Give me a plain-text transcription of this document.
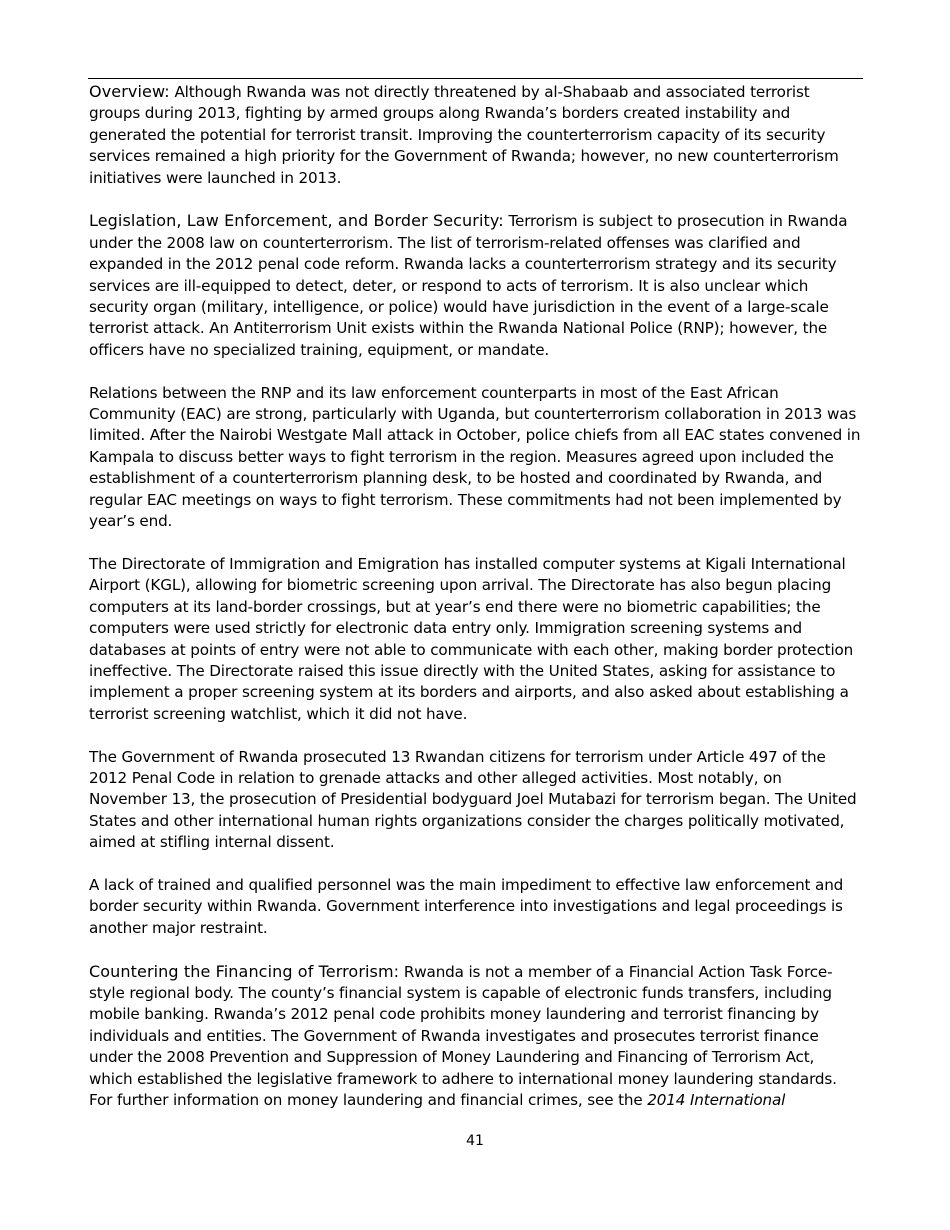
Overview: Although Rwanda was not directly threatened by al-Shabaab and associated terrorist groups during 2013, fighting by armed groups along Rwanda’s borders created instability and generated the potential for terrorist transit. Improving the counterterrorism capacity of its security services remained a high priority for the Government of Rwanda; however, no new counterterrorism initiatives were launched in 2013.

Legislation, Law Enforcement, and Border Security: Terrorism is subject to prosecution in Rwanda under the 2008 law on counterterrorism. The list of terrorism-related offenses was clarified and expanded in the 2012 penal code reform. Rwanda lacks a counterterrorism strategy and its security services are ill-equipped to detect, deter, or respond to acts of terrorism. It is also unclear which security organ (military, intelligence, or police) would have jurisdiction in the event of a large-scale terrorist attack. An Antiterrorism Unit exists within the Rwanda National Police (RNP); however, the officers have no specialized training, equipment, or mandate.

Relations between the RNP and its law enforcement counterparts in most of the East African Community (EAC) are strong, particularly with Uganda, but counterterrorism collaboration in 2013 was limited. After the Nairobi Westgate Mall attack in October, police chiefs from all EAC states convened in Kampala to discuss better ways to fight terrorism in the region. Measures agreed upon included the establishment of a counterterrorism planning desk, to be hosted and coordinated by Rwanda, and regular EAC meetings on ways to fight terrorism. These commitments had not been implemented by year’s end.

The Directorate of Immigration and Emigration has installed computer systems at Kigali International Airport (KGL), allowing for biometric screening upon arrival. The Directorate has also begun placing computers at its land-border crossings, but at year’s end there were no biometric capabilities; the computers were used strictly for electronic data entry only. Immigration screening systems and databases at points of entry were not able to communicate with each other, making border protection ineffective. The Directorate raised this issue directly with the United States, asking for assistance to implement a proper screening system at its borders and airports, and also asked about establishing a terrorist screening watchlist, which it did not have.

The Government of Rwanda prosecuted 13 Rwandan citizens for terrorism under Article 497 of the 2012 Penal Code in relation to grenade attacks and other alleged activities. Most notably, on November 13, the prosecution of Presidential bodyguard Joel Mutabazi for terrorism began. The United States and other international human rights organizations consider the charges politically motivated, aimed at stifling internal dissent.

A lack of trained and qualified personnel was the main impediment to effective law enforcement and border security within Rwanda. Government interference into investigations and legal proceedings is another major restraint.

Countering the Financing of Terrorism: Rwanda is not a member of a Financial Action Task Force-style regional body. The county’s financial system is capable of electronic funds transfers, including mobile banking. Rwanda’s 2012 penal code prohibits money laundering and terrorist financing by individuals and entities. The Government of Rwanda investigates and prosecutes terrorist finance under the 2008 Prevention and Suppression of Money Laundering and Financing of Terrorism Act, which established the legislative framework to adhere to international money laundering standards. For further information on money laundering and financial crimes, see the 2014 International

41
